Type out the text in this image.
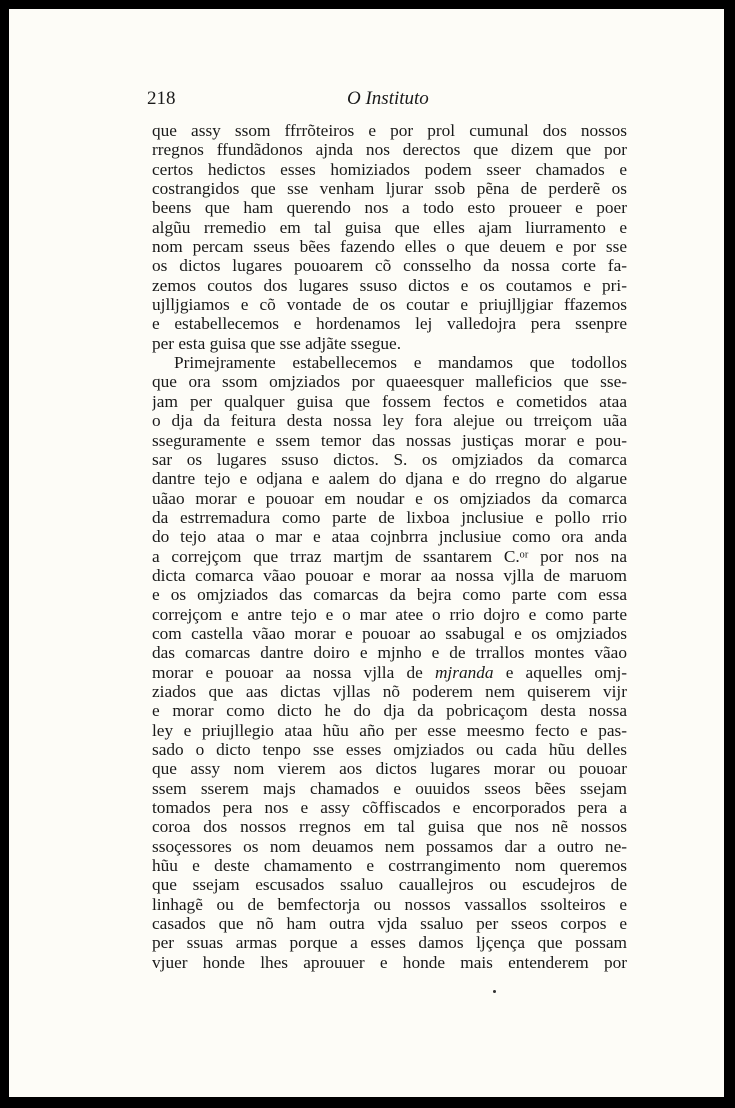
218	O Instituto
que assy ssom ffrrõteiros e por prol cumunal dos nossos
rregnos ffundãdonos ajnda nos derectos que dizem que por
certos hedictos esses homiziados podem sseer chamados e
costrangidos que sse venham ljurar ssob pẽna de perderẽ os
beens que ham querendo nos a todo esto proueer e poer
algũu rremedio em tal guisa que elles ajam liurramento e
nom percam sseus bẽes fazendo elles o que deuem e por sse
os dictos lugares pouoarem cõ consselho da nossa corte fa-
zemos coutos dos lugares ssuso dictos e os coutamos e pri-
ujlljgiamos e cõ vontade de os coutar e priujlljgiar ffazemos
e estabellecemos e hordenamos lej valledojra pera ssenpre
per esta guisa que sse adjãte ssegue.
Primejramente estabellecemos e mandamos que todollos
que ora ssom omjziados por quaeesquer malleficios que sse-
jam per qualquer guisa que fossem fectos e cometidos ataa
o dja da feitura desta nossa ley fora alejue ou trreiçom uãa
sseguramente e ssem temor das nossas justiças morar e pou-
sar os lugares ssuso dictos. S. os omjziados da comarca
dantre tejo e odjana e aalem do djana e do rregno do algarue
uãao morar e pouoar em noudar e os omjziados da comarca
da estrremadura como parte de lixboa jnclusiue e pollo rrio
do tejo ataa o mar e ataa cojnbrra jnclusiue como ora anda
a correjçom que trraz martjm de ssantarem C.ᵒʳ por nos na
dicta comarca vãao pouoar e morar aa nossa vjlla de maruom
e os omjziados das comarcas da bejra como parte com essa
correjçom e antre tejo e o mar atee o rrio dojro e como parte
com castella vãao morar e pouoar ao ssabugal e os omjziados
das comarcas dantre doiro e mjnho e de trrallos montes vãao
morar e pouoar aa nossa vjlla de mjranda e aquelles omj-
ziados que aas dictas vjllas nõ poderem nem quiserem vijr
e morar como dicto he do dja da pobricaçom desta nossa
ley e priujllegio ataa hũu año per esse meesmo fecto e pas-
sado o dicto tenpo sse esses omjziados ou cada hũu delles
que assy nom vierem aos dictos lugares morar ou pouoar
ssem sserem majs chamados e ouuidos sseos bẽes ssejam
tomados pera nos e assy cõffiscados e encorporados pera a
coroa dos nossos rregnos em tal guisa que nos nẽ nossos
ssoçessores os nom deuamos nem possamos dar a outro ne-
hũu e deste chamamento e costrrangimento nom queremos
que ssejam escusados ssaluo cauallejros ou escudejros de
linhagẽ ou de bemfectorja ou nossos vassallos ssolteiros e
casados que nõ ham outra vjda ssaluo per sseos corpos e
per ssuas armas porque a esses damos ljçença que possam
vjuer honde lhes aprouuer e honde mais entenderem por
